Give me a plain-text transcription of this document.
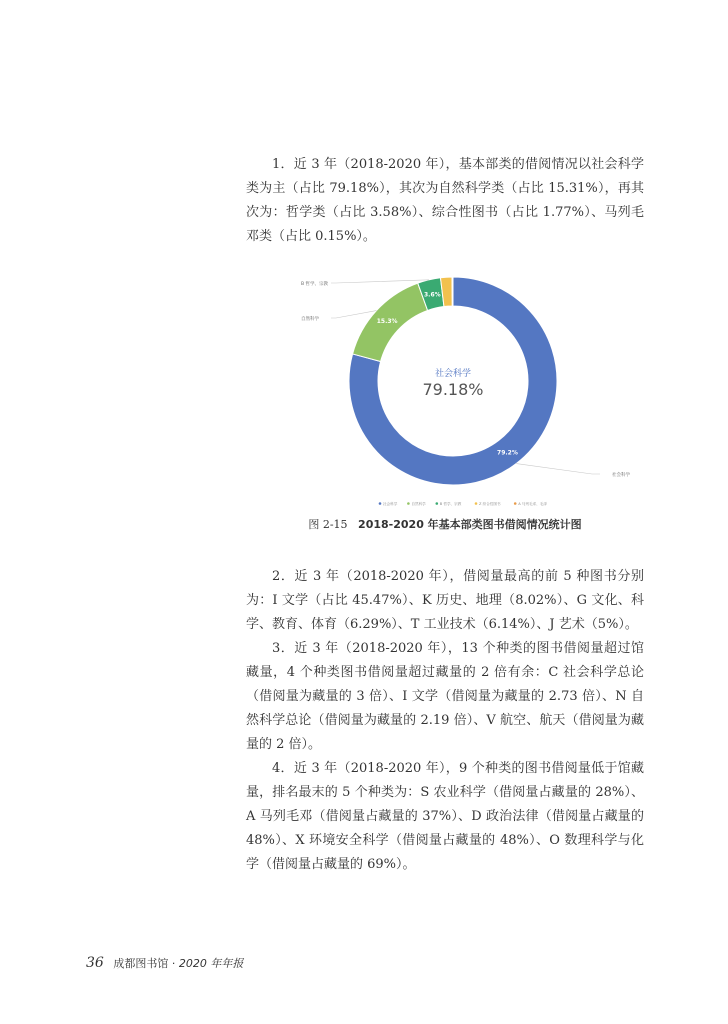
1．近 3 年（2018-2020 年），基本部类的借阅情况以社会科学类为主（占比 79.18%），其次为自然科学类（占比 15.31%），再其次为：哲学类（占比 3.58%）、综合性图书（占比 1.77%）、马列毛邓类（占比 0.15%）。

79.2%
15.3%
3.6%
B 哲学、宗教
自然科学
社会科学
社会科学
79.18%
社会科学	自然科学	B 哲学、宗教	Z 综合性图书	A 马列毛邓、毛泽
图 2-15 2018-2020 年基本部类图书借阅情况统计图

2．近 3 年（2018-2020 年），借阅量最高的前 5 种图书分别为：I 文学（占比 45.47%）、K 历史、地理（8.02%）、G 文化、科学、教育、体育（6.29%）、T 工业技术（6.14%）、J 艺术（5%）。

3．近 3 年（2018-2020 年），13 个种类的图书借阅量超过馆藏量，4 个种类图书借阅量超过藏量的 2 倍有余：C 社会科学总论（借阅量为藏量的 3 倍）、I 文学（借阅量为藏量的 2.73 倍）、N 自然科学总论（借阅量为藏量的 2.19 倍）、V 航空、航天（借阅量为藏量的 2 倍）。

4．近 3 年（2018-2020 年），9 个种类的图书借阅量低于馆藏量，排名最末的 5 个种类为：S 农业科学（借阅量占藏量的 28%）、A 马列毛邓（借阅量占藏量的 37%）、D 政治法律（借阅量占藏量的 48%）、X 环境安全科学（借阅量占藏量的 48%）、O 数理科学与化学（借阅量占藏量的 69%）。

36 成都图书馆 · 2020 年年报
